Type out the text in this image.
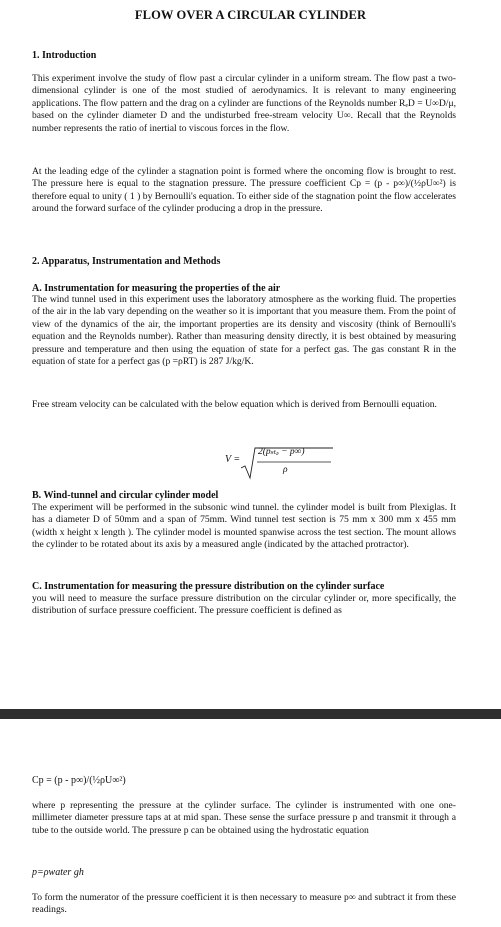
FLOW OVER A CIRCULAR CYLINDER
1. Introduction
This experiment involve the study of flow past a circular cylinder in a uniform stream. The flow past a two-dimensional cylinder is one of the most studied of aerodynamics. It is relevant to many engineering applications. The flow pattern and the drag on a cylinder are functions of the Reynolds number RₑD = U∞D/μ, based on the cylinder diameter D and the undisturbed free-stream velocity U∞. Recall that the Reynolds number represents the ratio of inertial to viscous forces in the flow.
At the leading edge of the cylinder a stagnation point is formed where the oncoming flow is brought to rest. The pressure here is equal to the stagnation pressure. The pressure coefficient Cp = (p - p∞)/(½ρU∞²) is therefore equal to unity ( 1 ) by Bernoulli's equation. To either side of the stagnation point the flow accelerates around the forward surface of the cylinder producing a drop in the pressure.
2. Apparatus, Instrumentation and Methods
A. Instrumentation for measuring the properties of the air
The wind tunnel used in this experiment uses the laboratory atmosphere as the working fluid. The properties of the air in the lab vary depending on the weather so it is important that you measure them. From the point of view of the dynamics of the air, the important properties are its density and viscosity (think of Bernoulli's equation and the Reynolds number). Rather than measuring density directly, it is best obtained by measuring pressure and temperature and then using the equation of state for a perfect gas. The gas constant R in the equation of state for a perfect gas (p =ρRT) is 287 J/kg/K.
Free stream velocity can be calculated with the below equation which is derived from Bernoulli equation.
V =
2(pₛₜₔ − p∞)
ρ
B. Wind-tunnel and circular cylinder model
The experiment will be performed in the subsonic wind tunnel. the cylinder model is built from Plexiglas. It has a diameter D of 50mm and a span of 75mm. Wind tunnel test section is 75 mm x 300 mm x 455 mm (width x height x length ). The cylinder model is mounted spanwise across the test section. The mount allows the cylinder to be rotated about its axis by a measured angle (indicated by the attached protractor).
C. Instrumentation for measuring the pressure distribution on the cylinder surface
you will need to measure the surface pressure distribution on the circular cylinder or, more specifically, the distribution of surface pressure coefficient. The pressure coefficient is defined as
Cp = (p - p∞)/(½ρU∞²)
where p representing the pressure at the cylinder surface. The cylinder is instrumented with one one-millimeter diameter pressure taps at at mid span. These sense the surface pressure p and transmit it through a tube to the outside world. The pressure p can be obtained using the hydrostatic equation
p=ρwater gh
To form the numerator of the pressure coefficient it is then necessary to measure p∞ and subtract it from these readings.
